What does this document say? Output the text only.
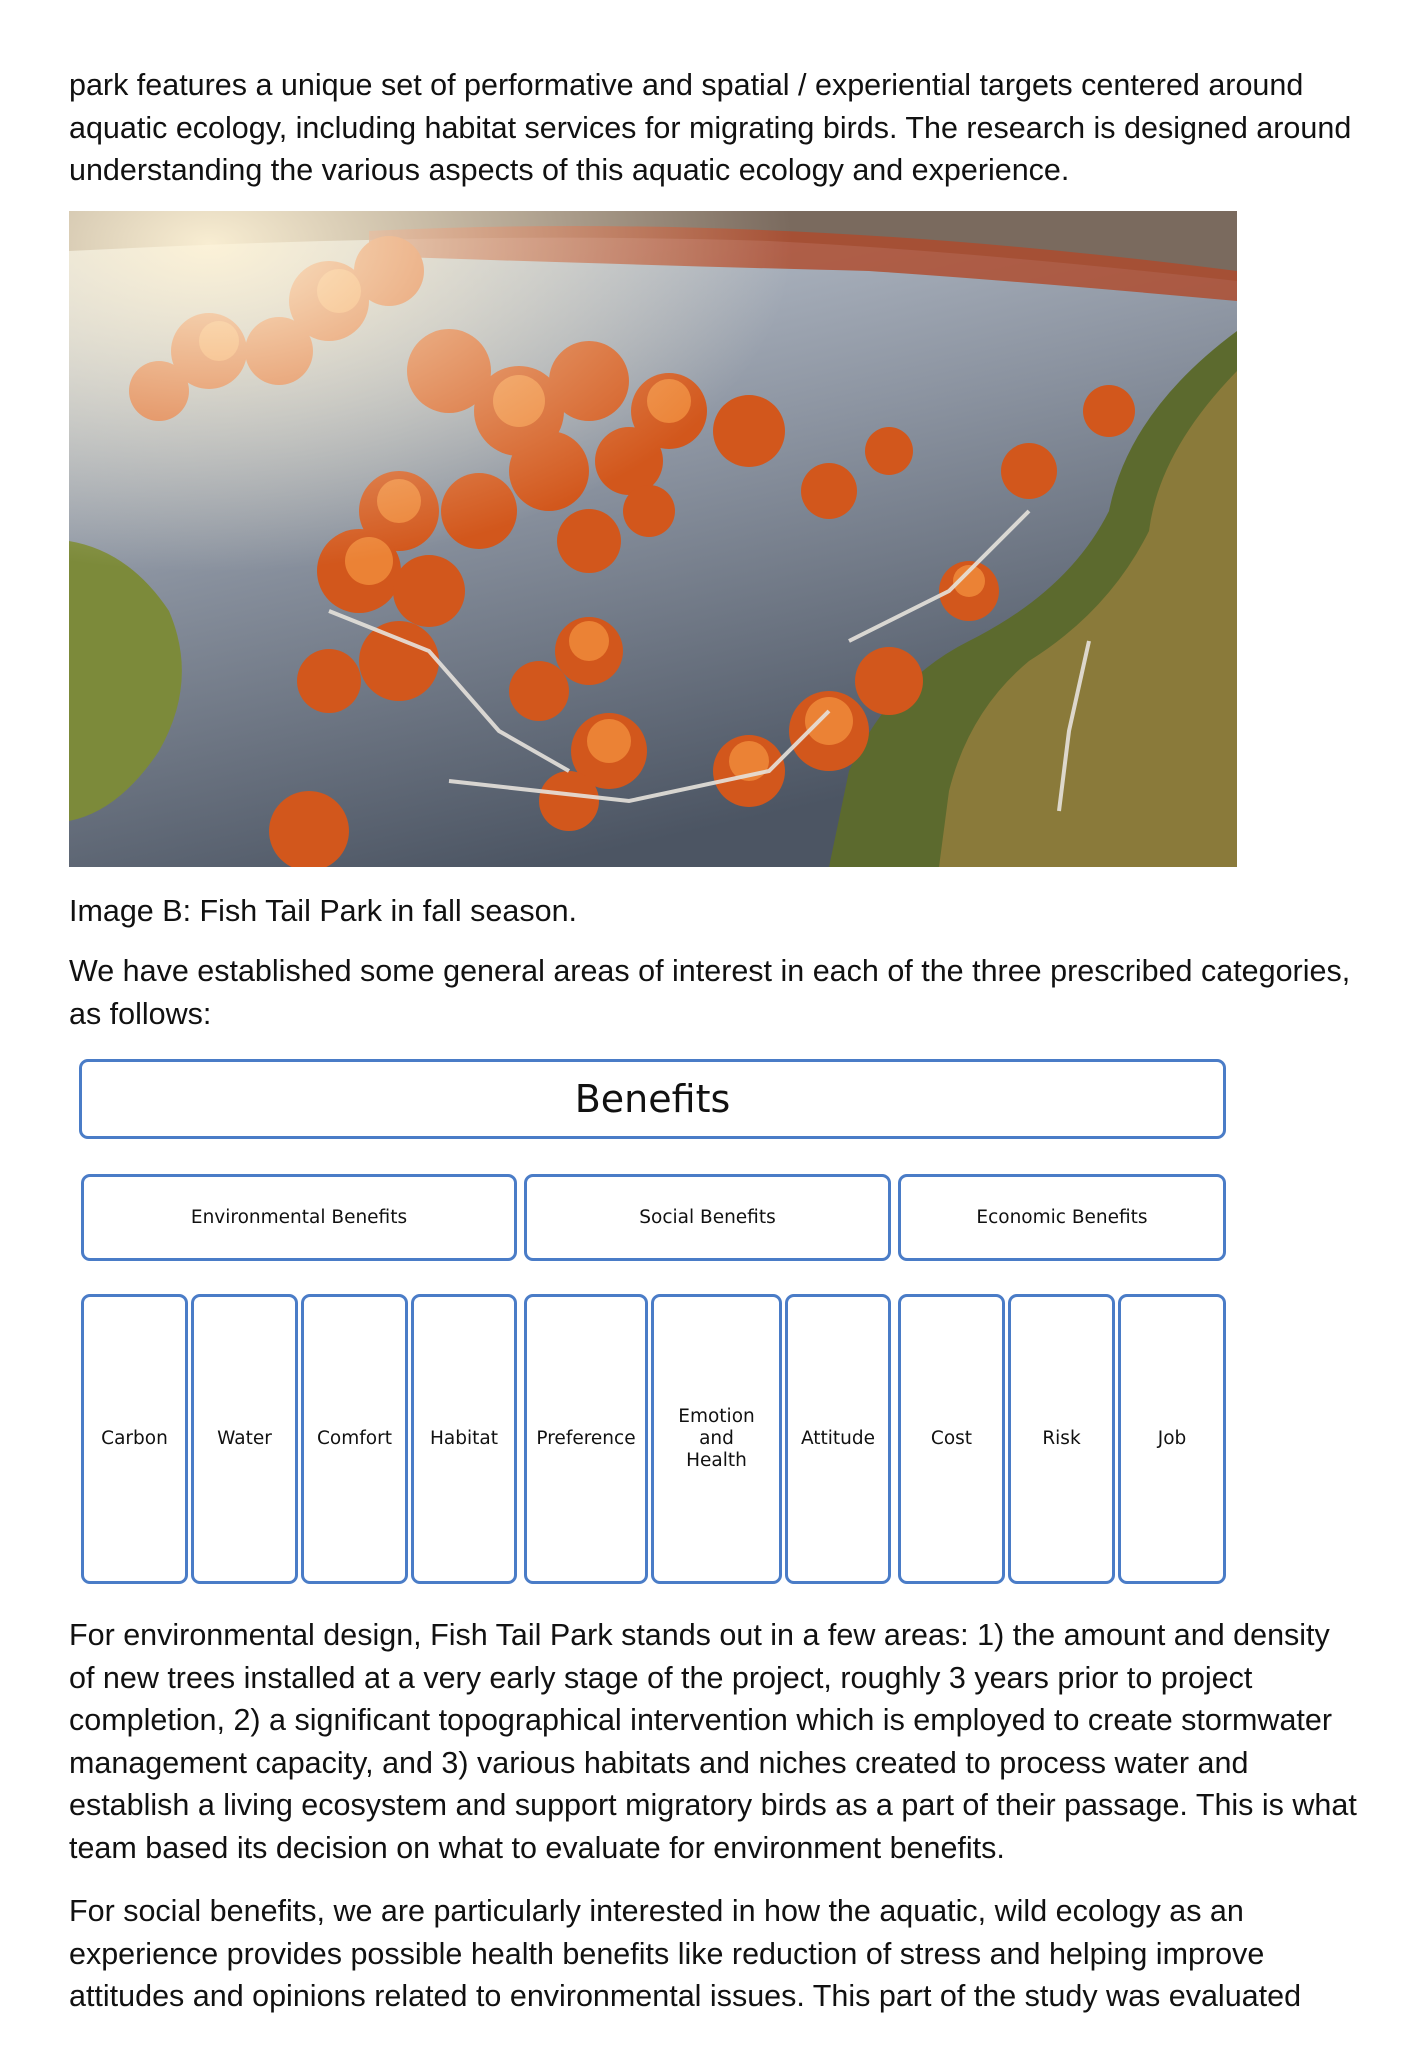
park features a unique set of performative and spatial / experiential targets centered around aquatic ecology, including habitat services for migrating birds. The research is designed around understanding the various aspects of this aquatic ecology and experience.

Image B: Fish Tail Park in fall season.

We have established some general areas of interest in each of the three prescribed categories, as follows:

Benefits
Environmental Benefits	Social Benefits	Economic Benefits
Carbon	Water	Comfort	Habitat	Preference
Emotion and Health
Attitude	Cost	Risk	Job

For environmental design, Fish Tail Park stands out in a few areas: 1) the amount and density of new trees installed at a very early stage of the project, roughly 3 years prior to project completion, 2) a significant topographical intervention which is employed to create stormwater management capacity, and 3) various habitats and niches created to process water and establish a living ecosystem and support migratory birds as a part of their passage. This is what team based its decision on what to evaluate for environment benefits.

For social benefits, we are particularly interested in how the aquatic, wild ecology as an experience provides possible health benefits like reduction of stress and helping improve attitudes and opinions related to environmental issues. This part of the study was evaluated
